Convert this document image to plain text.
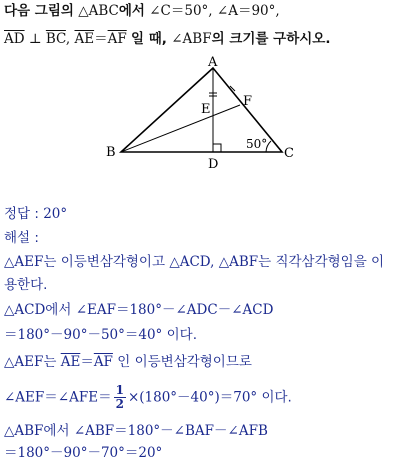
다음 그림의 △ABC에서 ∠C＝50°, ∠A＝90°,
$\overline{AD}$ ⊥ $\overline{BC}$, $\overline{AE}=\overline{AF}$ 일 때, ∠ABF의 크기를 구하시오.
A
B	C
D
E
F
50°
정답 : 20°
해설 :
△AEF는 이등변삼각형이고 △ACD, △ABF는 직각삼각형임을 이
용한다.
△ACD에서 ∠EAF＝180°－∠ADC－∠ACD
＝180°－90°－50°＝40° 이다.
△AEF는 $\overline{AE}=\overline{AF}$ 인 이등변삼각형이므로
∠AEF＝∠AFE＝ $\frac{1}{2} \times(180^\circ-40^\circ)=70^\circ$ 이다.
△ABF에서 ∠ABF＝180°－∠BAF－∠AFB
＝180°－90°－70°＝20°
